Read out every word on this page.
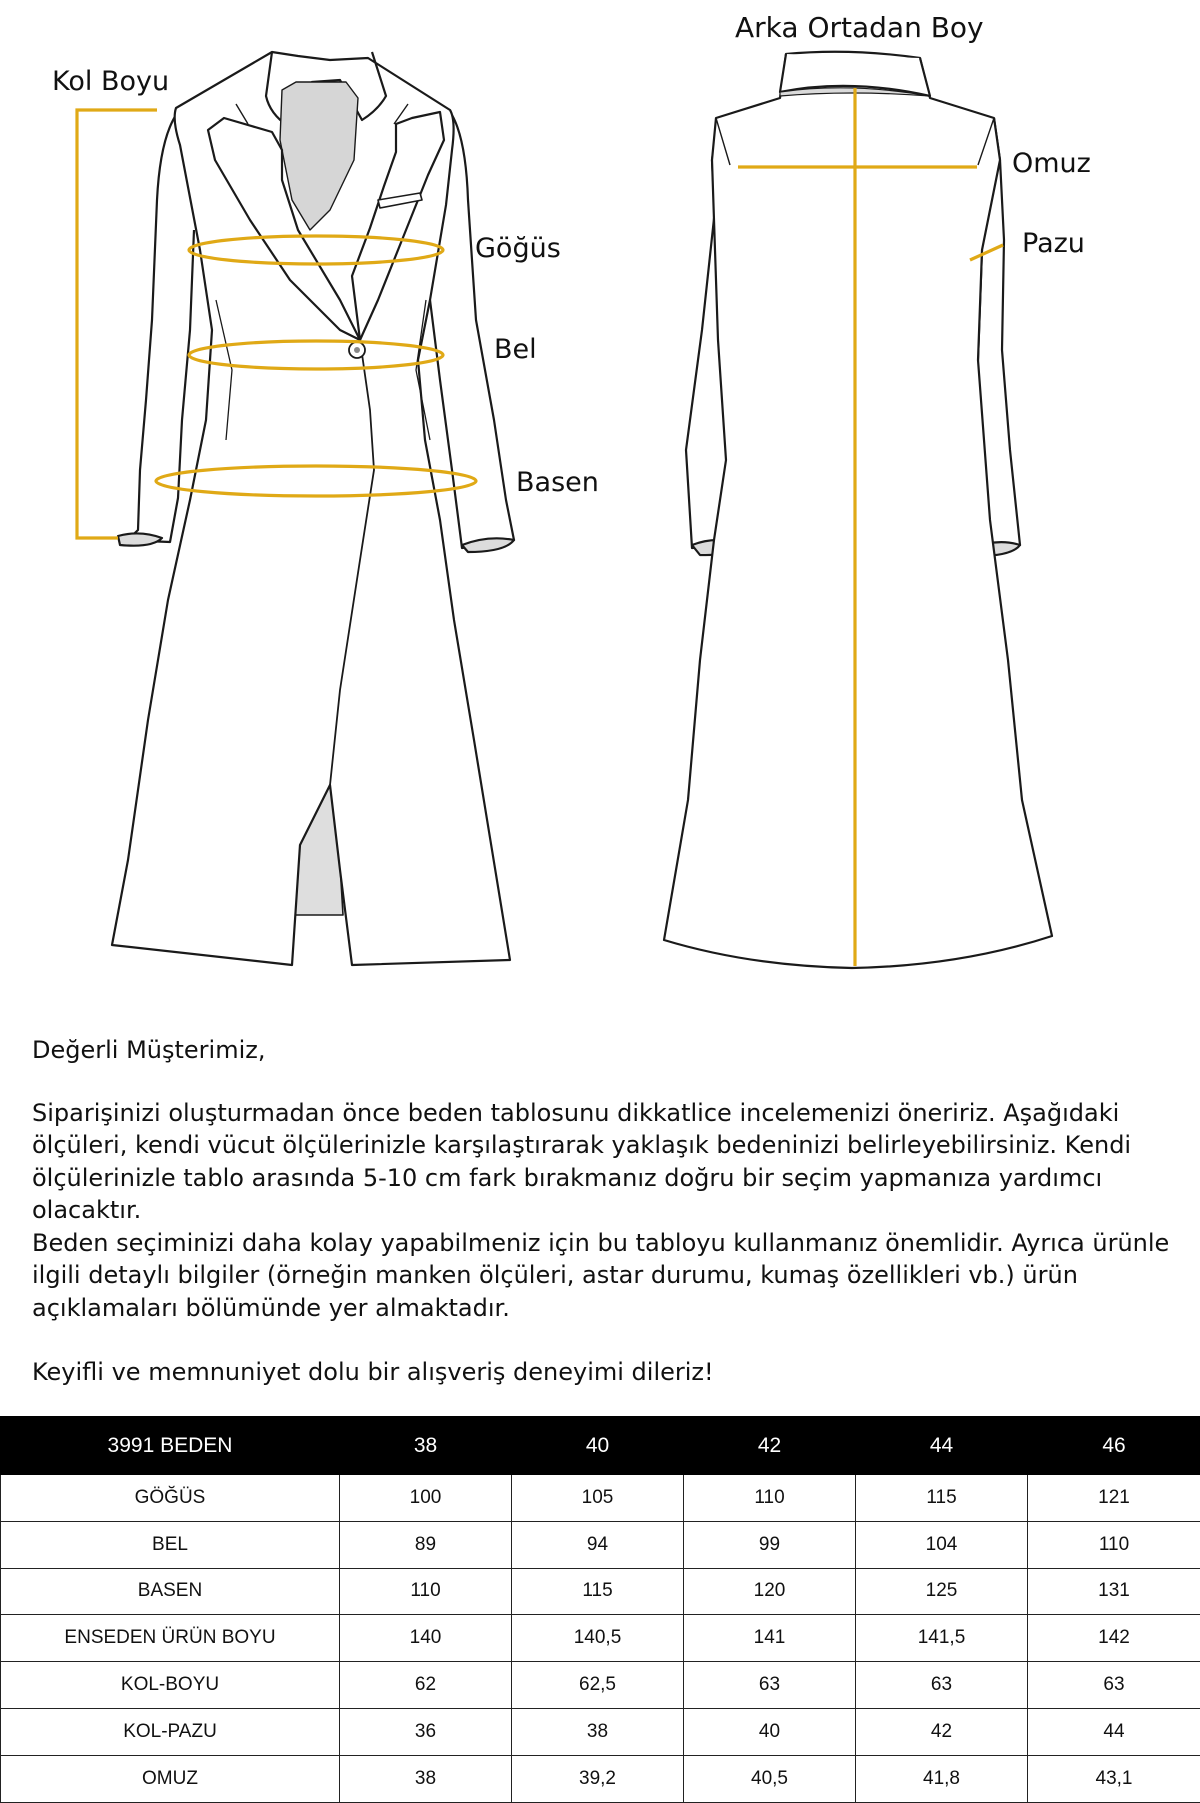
Kol Boyu
Göğüs
Bel
Basen
Arka Ortadan Boy
Omuz
Pazu

Değerli Müşterimiz,

Siparişinizi oluşturmadan önce beden tablosunu dikkatlice incelemenizi öneririz. Aşağıdaki ölçüleri, kendi vücut ölçülerinizle karşılaştırarak yaklaşık bedeninizi belirleyebilirsiniz. Kendi ölçülerinizle tablo arasında 5-10 cm fark bırakmanız doğru bir seçim yapmanıza yardımcı olacaktır.

Beden seçiminizi daha kolay yapabilmeniz için bu tabloyu kullanmanız önemlidir. Ayrıca ürünle ilgili detaylı bilgiler (örneğin manken ölçüleri, astar durumu, kumaş özellikleri vb.) ürün açıklamaları bölümünde yer almaktadır.

Keyifli ve memnuniyet dolu bir alışveriş deneyimi dileriz!

3991 BEDEN	38	40	42	44	46
GÖĞÜS	100	105	110	115	121
BEL	89	94	99	104	110
BASEN	110	115	120	125	131
ENSEDEN ÜRÜN BOYU	140	140,5	141	141,5	142
KOL-BOYU	62	62,5	63	63	63
KOL-PAZU	36	38	40	42	44
OMUZ	38	39,2	40,5	41,8	43,1
